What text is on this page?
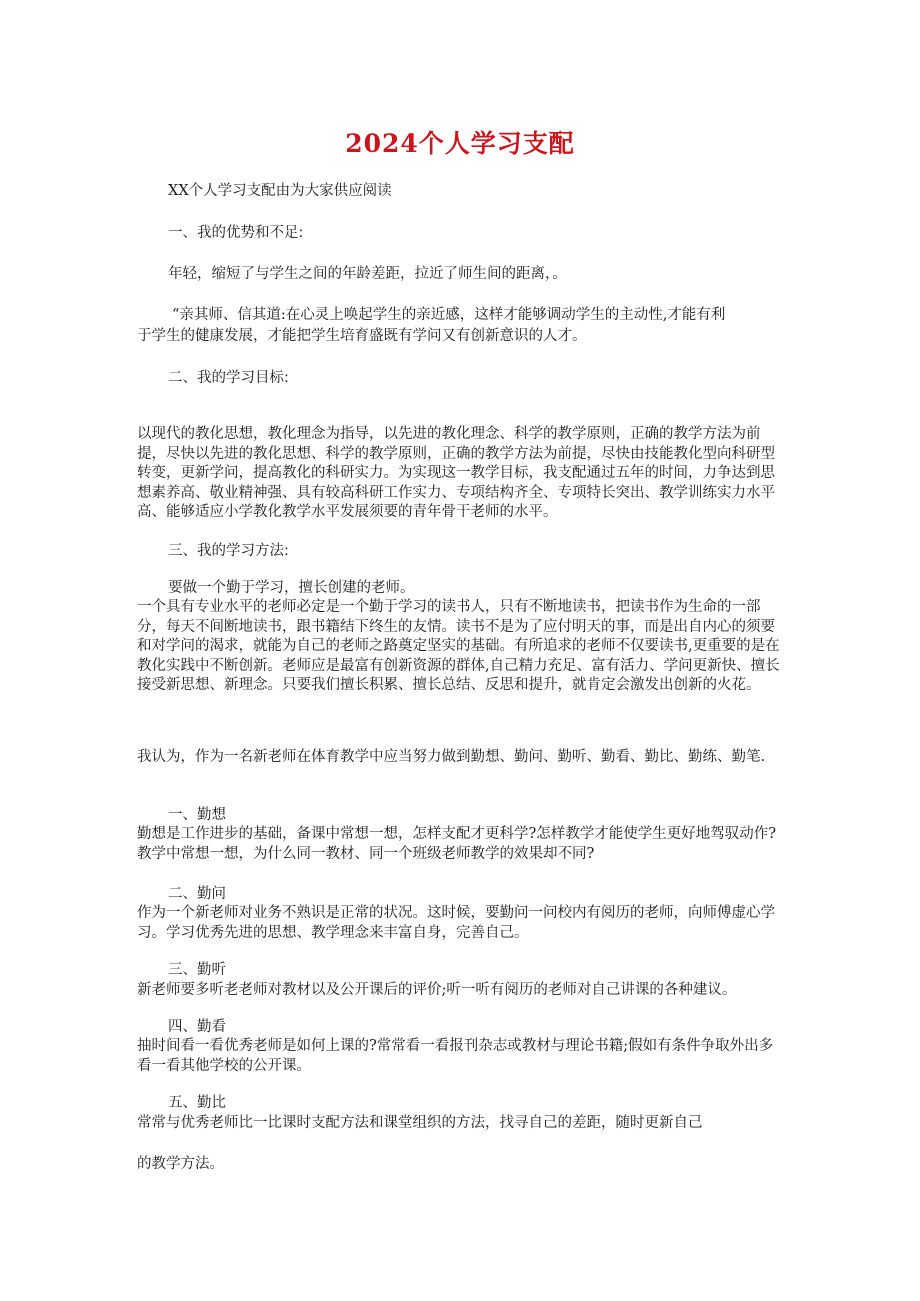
2024个人学习支配

XX个人学习支配由为大家供应阅读

一、我的优势和不足:

年轻，缩短了与学生之间的年龄差距，拉近了师生间的距离，。

“亲其师、信其道:在心灵上唤起学生的亲近感，这样才能够调动学生的主动性,才能有利

于学生的健康发展，才能把学生培育盛既有学问又有创新意识的人才。

二、我的学习目标:

以现代的教化思想，教化理念为指导，以先进的教化理念、科学的教学原则，正确的教学方法为前提，尽快以先进的教化思想、科学的教学原则，正确的教学方法为前提，尽快由技能教化型向科研型转变，更新学问，提高教化的科研实力。为实现这一教学目标，我支配通过五年的时间，力争达到思想素养高、敬业精神强、具有较高科研工作实力、专项结构齐全、专项特长突出、教学训练实力水平高、能够适应小学教化教学水平发展须要的青年骨干老师的水平。

三、我的学习方法:

要做一个勤于学习，擅长创建的老师。

一个具有专业水平的老师必定是一个勤于学习的读书人，只有不断地读书，把读书作为生命的一部分，每天不间断地读书，跟书籍结下终生的友情。读书不是为了应付明天的事，而是出自内心的须要和对学问的渴求，就能为自己的老师之路奠定坚实的基础。有所追求的老师不仅要读书,更重要的是在教化实践中不断创新。老师应是最富有创新资源的群体,自己精力充足、富有活力、学问更新快、擅长接受新思想、新理念。只要我们擅长积累、擅长总结、反思和提升，就肯定会激发出创新的火花。

我认为，作为一名新老师在体育教学中应当努力做到勤想、勤问、勤听、勤看、勤比、勤练、勤笔.

一、勤想

勤想是工作进步的基础，备课中常想一想，怎样支配才更科学?怎样教学才能使学生更好地驾驭动作?教学中常想一想，为什么同一教材、同一个班级老师教学的效果却不同?

二、勤问

作为一个新老师对业务不熟识是正常的状况。这时候，要勤问一问校内有阅历的老师，向师傅虚心学习。学习优秀先进的思想、教学理念来丰富自身，完善自己。

三、勤听

新老师要多听老老师对教材以及公开课后的评价;听一听有阅历的老师对自己讲课的各种建议。

四、勤看

抽时间看一看优秀老师是如何上课的?常常看一看报刊杂志或教材与理论书籍;假如有条件争取外出多看一看其他学校的公开课。

五、勤比

常常与优秀老师比一比课时支配方法和课堂组织的方法，找寻自己的差距，随时更新自己

的教学方法。
